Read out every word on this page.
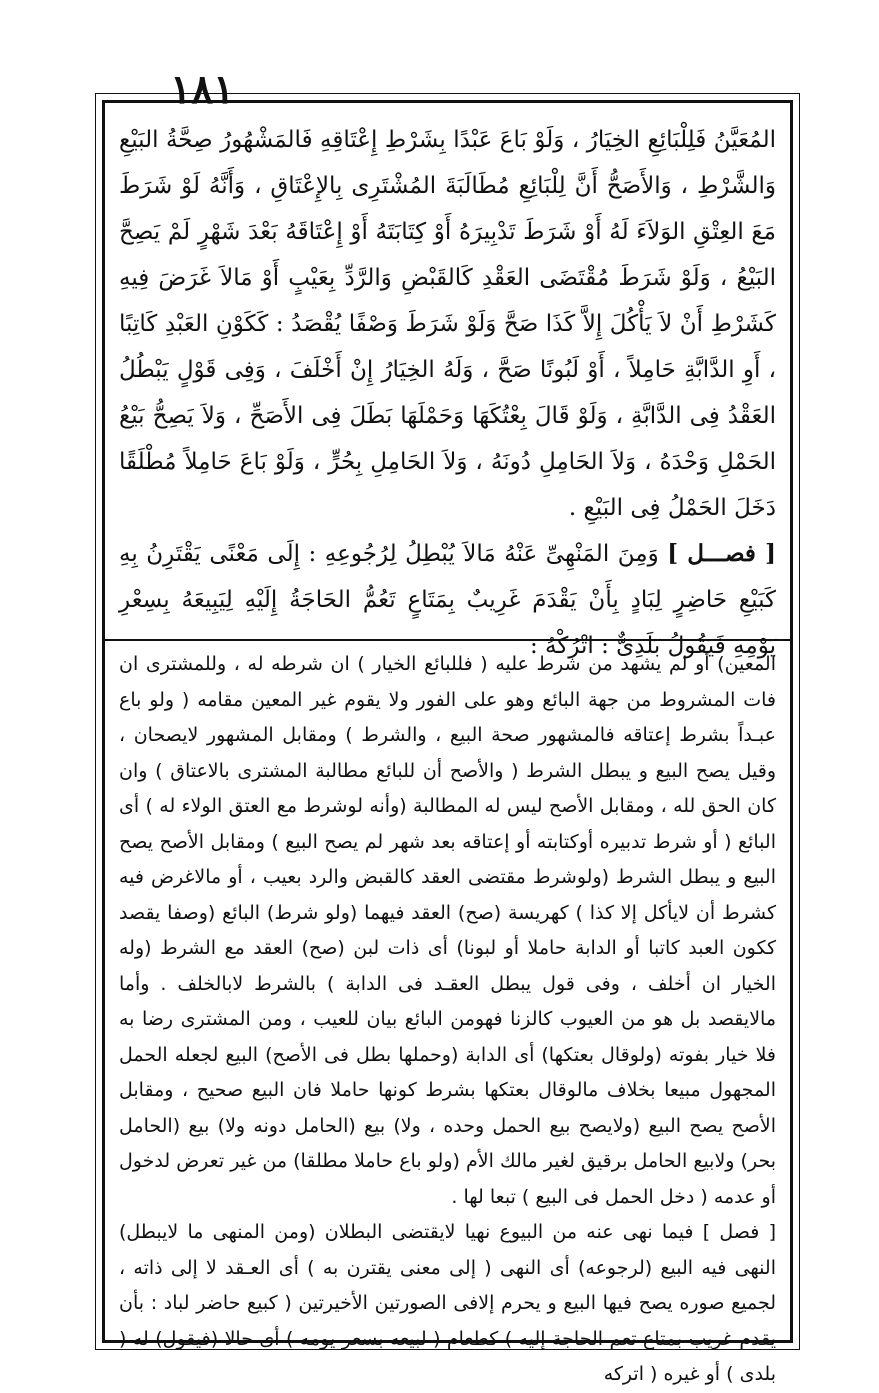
١٨١

المُعَيَّنُ فَلِلْبَائِعِ الخِيَارُ ، وَلَوْ بَاعَ عَبْدًا بِشَرْطِ إِعْتَاقِهِ فَالمَشْهُورُ صِحَّةُ البَيْعِ وَالشَّرْطِ ، وَالأَصَحُّ أَنَّ لِلْبَائِعِ مُطَالَبَةَ المُشْتَرِى بِالإِعْتَاقِ ، وَأَنَّهُ لَوْ شَرَطَ مَعَ العِتْقِ الوَلاَءَ لَهُ أَوْ شَرَطَ تَدْبِيرَهُ أَوْ كِتَابَتَهُ أَوْ إِعْتَاقَهُ بَعْدَ شَهْرٍ لَمْ يَصِحَّ البَيْعُ ، وَلَوْ شَرَطَ مُقْتَضَى العَقْدِ كَالقَبْضِ وَالرَّدِّ بِعَيْبٍ أَوْ مَالاَ غَرَضَ فِيهِ كَشَرْطِ أَنْ لاَ يَأْكُلَ إِلاَّ كَذَا صَحَّ وَلَوْ شَرَطَ وَصْفًا يُقْصَدُ : كَكَوْنِ العَبْدِ كَاتِبًا ، أَوِ الدَّابَّةِ حَامِلاً ، أَوْ لَبُونًا صَحَّ ، وَلَهُ الخِيَارُ إِنْ أَخْلَفَ ، وَفِى قَوْلٍ يَبْطُلُ العَقْدُ فِى الدَّابَّةِ ، وَلَوْ قَالَ بِعْتُكَهَا وَحَمْلَهَا بَطَلَ فِى الأَصَحِّ ، وَلاَ يَصِحُّ بَيْعُ الحَمْلِ وَحْدَهُ ، وَلاَ الحَامِلِ دُونَهُ ، وَلاَ الحَامِلِ بِحُرٍّ ، وَلَوْ بَاعَ حَامِلاً مُطْلَقًا دَخَلَ الحَمْلُ فِى البَيْعِ .

[ فصـــل ] وَمِنَ المَنْهِىِّ عَنْهُ مَالاَ يُبْطِلُ لِرُجُوعِهِ : إِلَى مَعْنًى يَقْتَرِنُ بِهِ كَبَيْعِ حَاضِرٍ لِبَادٍ بِأَنْ يَقْدَمَ غَرِيبٌ بِمَتَاعٍ تَعُمُّ الحَاجَةُ إِلَيْهِ لِيَبِيعَهُ بِسِعْرِ يَوْمِهِ فَيَقُولُ بَلَدِىٌّ : اتْرُكْهُ :

المعين) أو لم يشهد من شرط عليه ( فللبائع الخيار ) ان شرطه له ، وللمشترى ان فات المشروط من جهة البائع وهو على الفور ولا يقوم غير المعين مقامه ( ولو باع عبـداً بشرط إعتاقه فالمشهور صحة البيع ، والشرط ) ومقابل المشهور لايصحان ، وقيل يصح البيع و يبطل الشرط ( والأصح أن للبائع مطالبة المشترى بالاعتاق ) وان كان الحق لله ، ومقابل الأصح ليس له المطالبة (وأنه لوشرط مع العتق الولاء له ) أى البائع ( أو شرط تدبيره أوكتابته أو إعتاقه بعد شهر لم يصح البيع ) ومقابل الأصح يصح البيع و يبطل الشرط (ولوشرط مقتضى العقد كالقبض والرد بعيب ، أو مالاغرض فيه كشرط أن لايأكل إلا كذا ) كهريسة (صح) العقد فيهما (ولو شرط) البائع (وصفا يقصد ككون العبد كاتبا أو الدابة حاملا أو لبونا) أى ذات لبن (صح) العقد مع الشرط (وله الخيار ان أخلف ، وفى قول يبطل العقـد فى الدابة ) بالشرط لابالخلف . وأما مالايقصد بل هو من العيوب كالزنا فهومن البائع بيان للعيب ، ومن المشترى رضا به فلا خيار بفوته (ولوقال بعتكها) أى الدابة (وحملها بطل فى الأصح) البيع لجعله الحمل المجهول مبيعا بخلاف مالوقال بعتكها بشرط كونها حاملا فان البيع صحيح ، ومقابل الأصح يصح البيع (ولايصح بيع الحمل وحده ، ولا) بيع (الحامل دونه ولا) بيع (الحامل بحر) ولابيع الحامل برقيق لغير مالك الأم (ولو باع حاملا مطلقا) من غير تعرض لدخول أو عدمه ( دخل الحمل فى البيع ) تبعا لها .

[ فصل ] فيما نهى عنه من البيوع نهيا لايقتضى البطلان (ومن المنهى ما لايبطل) النهى فيه البيع (لرجوعه) أى النهى ( إلى معنى يقترن به ) أى العـقد لا إلى ذاته ، لجميع صوره يصح فيها البيع و يحرم إلافى الصورتين الأخيرتين ( كبيع حاضر لباد : بأن يقدم غريب بمتاع تعم الحاجة إليه ) كطعام ( لبيعه بسعر يومه ) أى حالا (فيقول) له ( بلدى ) أو غيره ( اتركه
